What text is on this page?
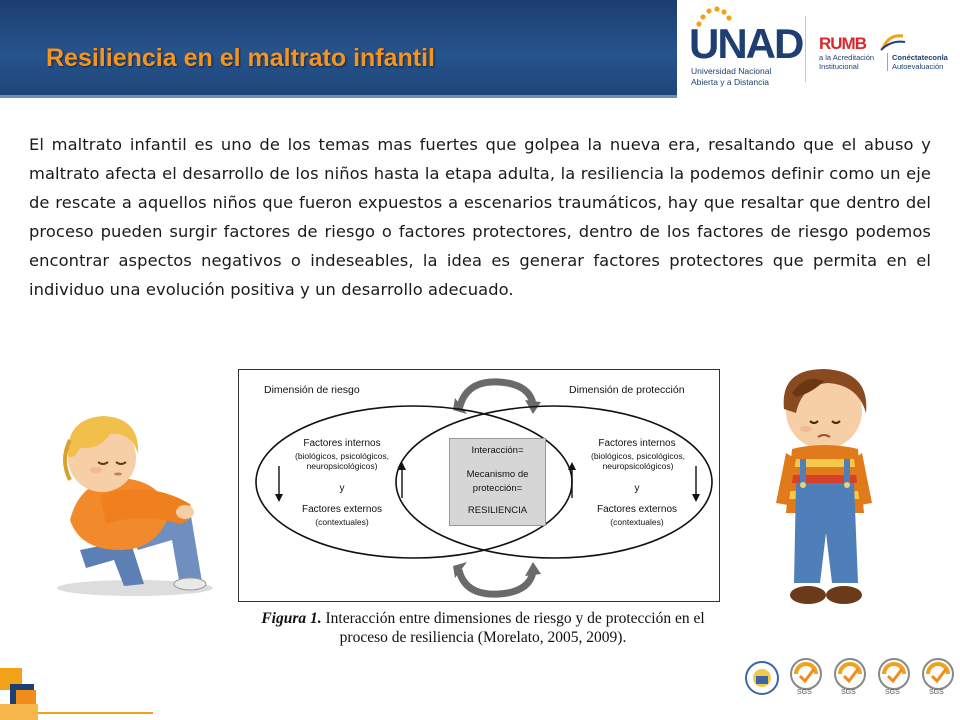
Resiliencia en el maltrato infantil	UNAD
Universidad Nacional
Abierta y a Distancia
RUMB
a la Acreditación
Institucional
Conéctateconla
Autoevaluación

El maltrato infantil es uno de los temas mas fuertes que golpea la nueva era, resaltando que el abuso y maltrato afecta el desarrollo de los niños hasta la etapa adulta, la resiliencia la podemos definir como un eje de rescate a aquellos niños que fueron expuestos a escenarios traumáticos, hay que resaltar que dentro del proceso pueden surgir factores de riesgo o factores protectores, dentro de los factores de riesgo podemos encontrar aspectos negativos o indeseables, la idea es generar factores protectores que permita en el individuo una evolución positiva y un desarrollo adecuado.

Dimensión de riesgo	Dimensión de protección
Factores internos
(biológicos, psicológicos,
neuropsicológicos)
y
Factores externos
(contextuales)
Interacción=
Mecanismo de
protección=
RESILIENCIA
Factores internos
(biológicos, psicológicos,
neuropsicológicos)
y
Factores externos
(contextuales)
Figura 1. Interacción entre dimensiones de riesgo y de protección en el proceso de resiliencia (Morelato, 2005, 2009).
SGS	SGS	SGS	SGS
